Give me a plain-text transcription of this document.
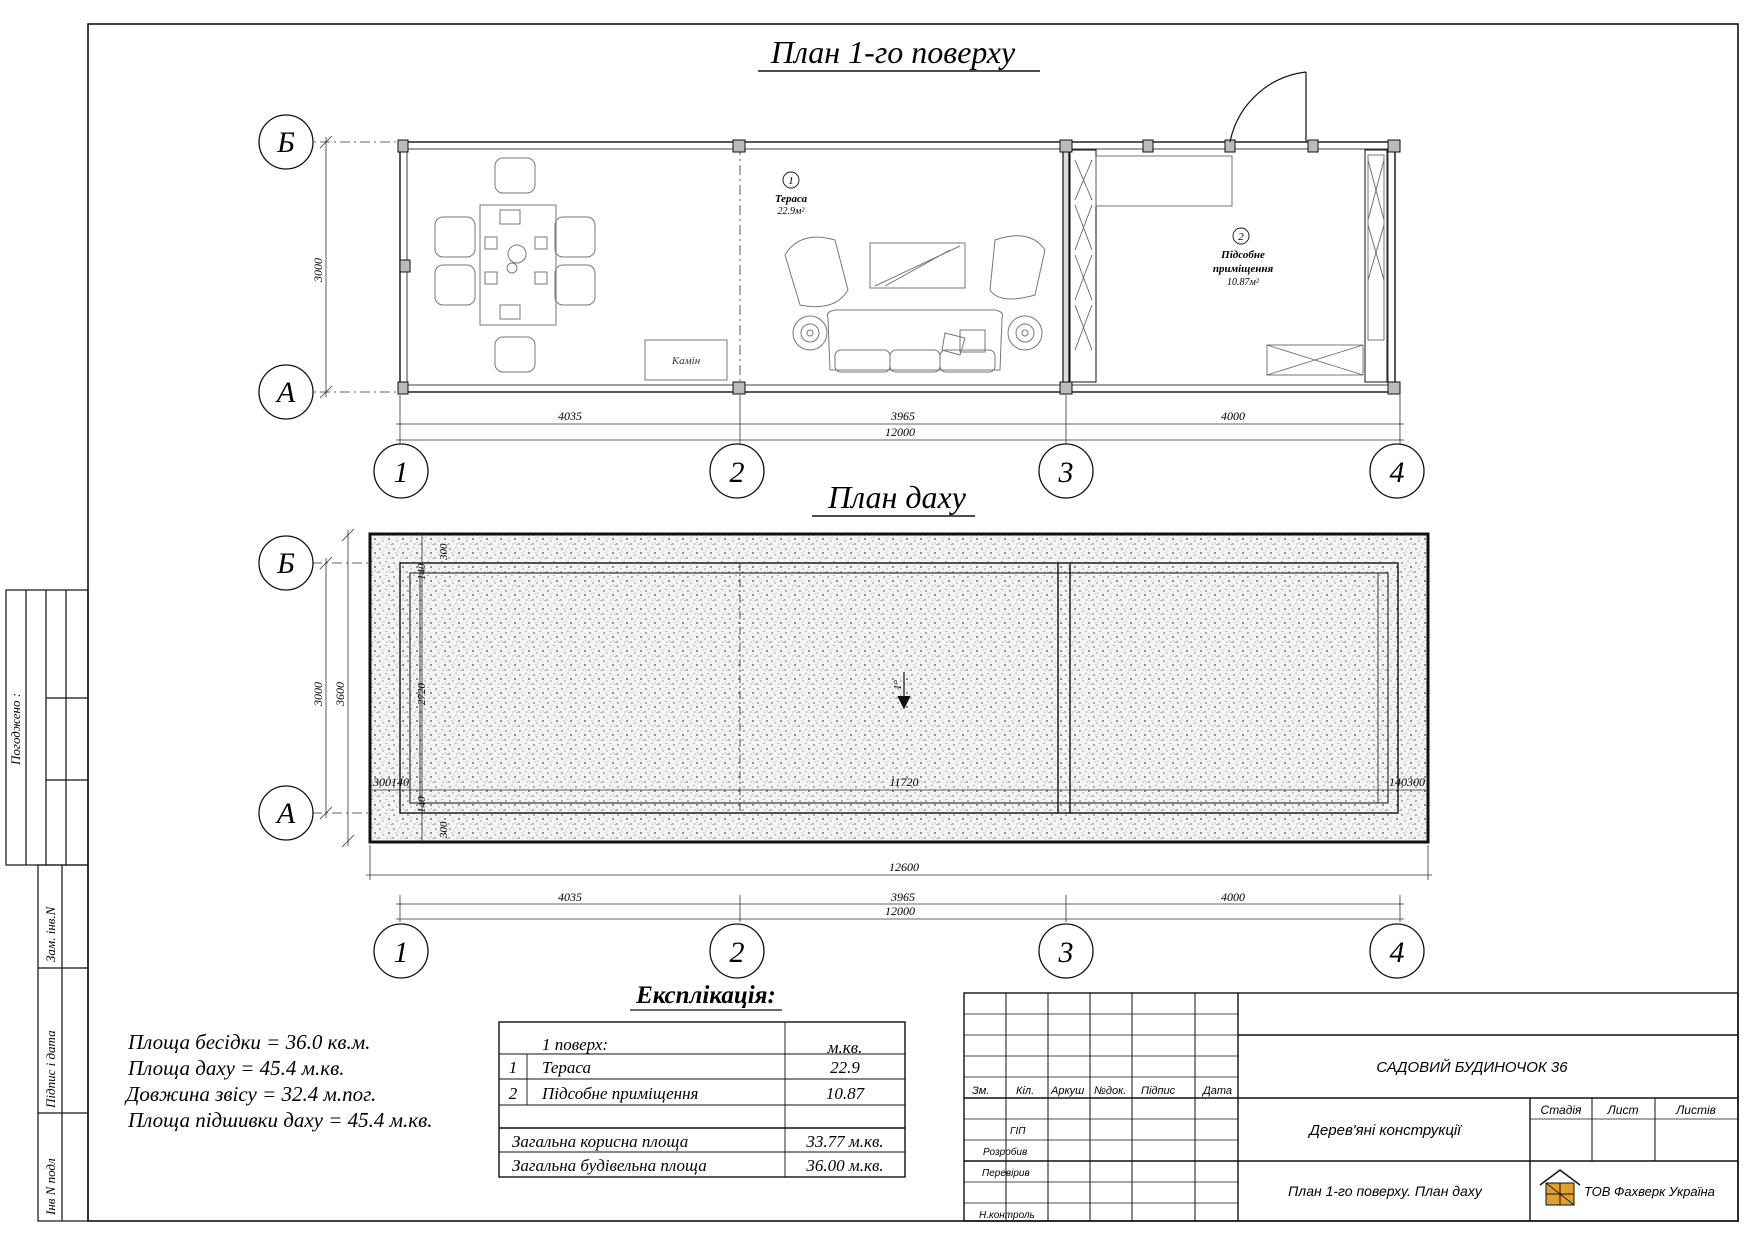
Погоджено :
Зам. інв.N
Підпис і дата
Інв N подл
План 1-го поверху
Камін
1
Тераса
22.9м²
2
Підсобне
приміщення
10.87м²
Б
А
3000
4035	3965	4000
12000
1	2	3	4
План даху
Б
А
3000 3600
300
140
2720
140
300
300140	11720	140300
1°
12600
4035	3965	4000
12000
1	2	3	4
Площа бесідки = 36.0 кв.м.
Площа даху = 45.4 м.кв.
Довжина звісу = 32.4 м.пог.
Площа підшивки даху = 45.4 м.кв.
Експлікація:
1 поверх:	м.кв.
1 Тераса	22.9
2 Підсобне приміщення	10.87
Загальна корисна площа	33.77 м.кв.
Загальна будівельна площа	36.00 м.кв.
Зм. Кіл. Аркуш №док. Підпис	Дата
ГІП
Розробив
Перевірив
Н.контроль
САДОВИЙ БУДИНОЧОК 36
Дерев'яні конструкції
Стадія Лист	Листів
План 1-го поверху. План даху	ТОВ Фахверк Україна
